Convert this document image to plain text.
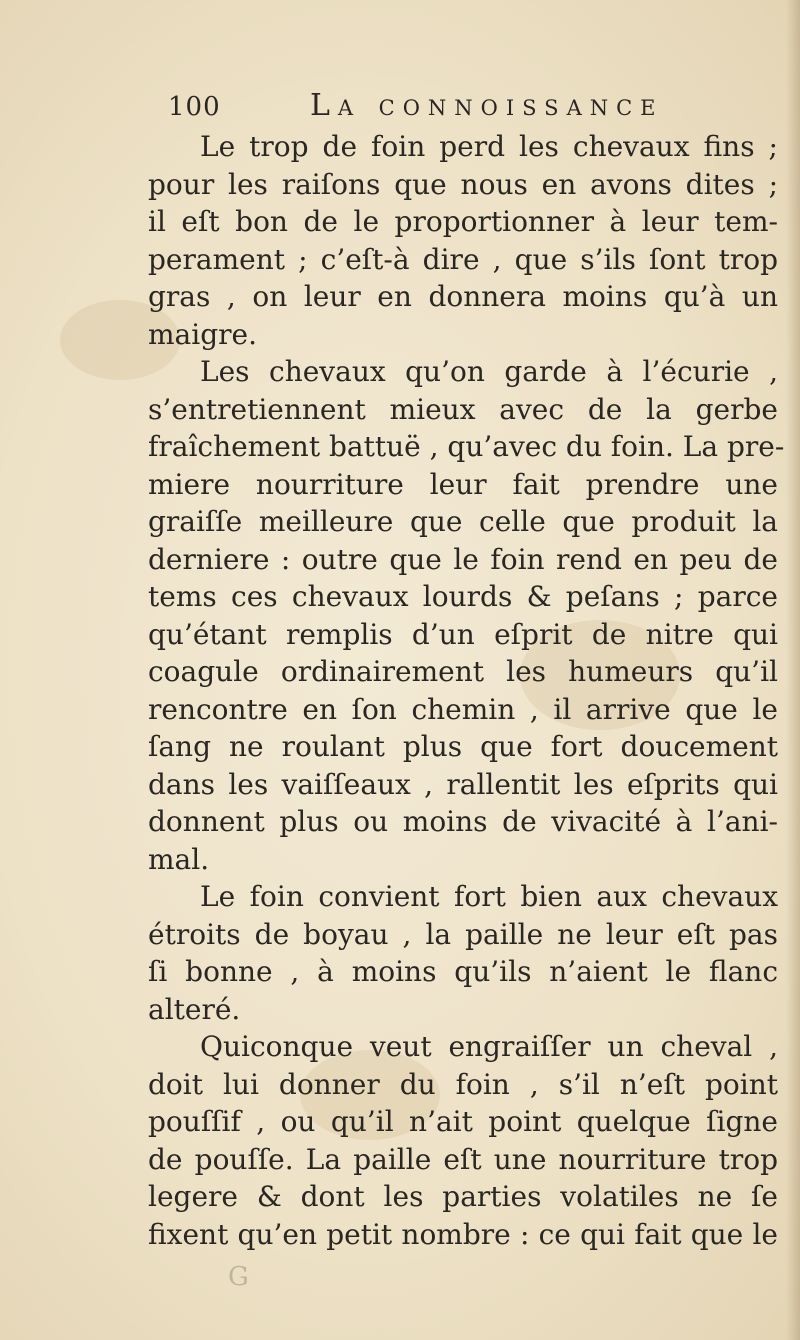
100	La connoissance
Le trop de foin perd les chevaux fins ;
pour les raiſons que nous en avons dites ;
il eſt bon de le proportionner à leur tem-
perament ; c’eſt-à dire , que s’ils ſont trop
gras , on leur en donnera moins qu’à un
maigre.
Les chevaux qu’on garde à l’écurie ,
s’entretiennent mieux avec de la gerbe
fraîchement battuë , qu’avec du foin. La pre-
miere nourriture leur fait prendre une
graiſſe meilleure que celle que produit la
derniere : outre que le foin rend en peu de
tems ces chevaux lourds & peſans ; parce
qu’étant remplis d’un eſprit de nitre qui
coagule ordinairement les humeurs qu’il
rencontre en ſon chemin , il arrive que le
ſang ne roulant plus que fort doucement
dans les vaiſſeaux , rallentit les eſprits qui
donnent plus ou moins de vivacité à l’ani-
mal.
Le foin convient fort bien aux chevaux
étroits de boyau , la paille ne leur eſt pas
ſi bonne , à moins qu’ils n’aient le flanc
alteré.
Quiconque veut engraiſſer un cheval ,
doit lui donner du foin , s’il n’eſt point
pouſſif , ou qu’il n’ait point quelque ſigne
de pouſſe. La paille eſt une nourriture trop
legere & dont les parties volatiles ne ſe
fixent qu’en petit nombre : ce qui fait que le
G
